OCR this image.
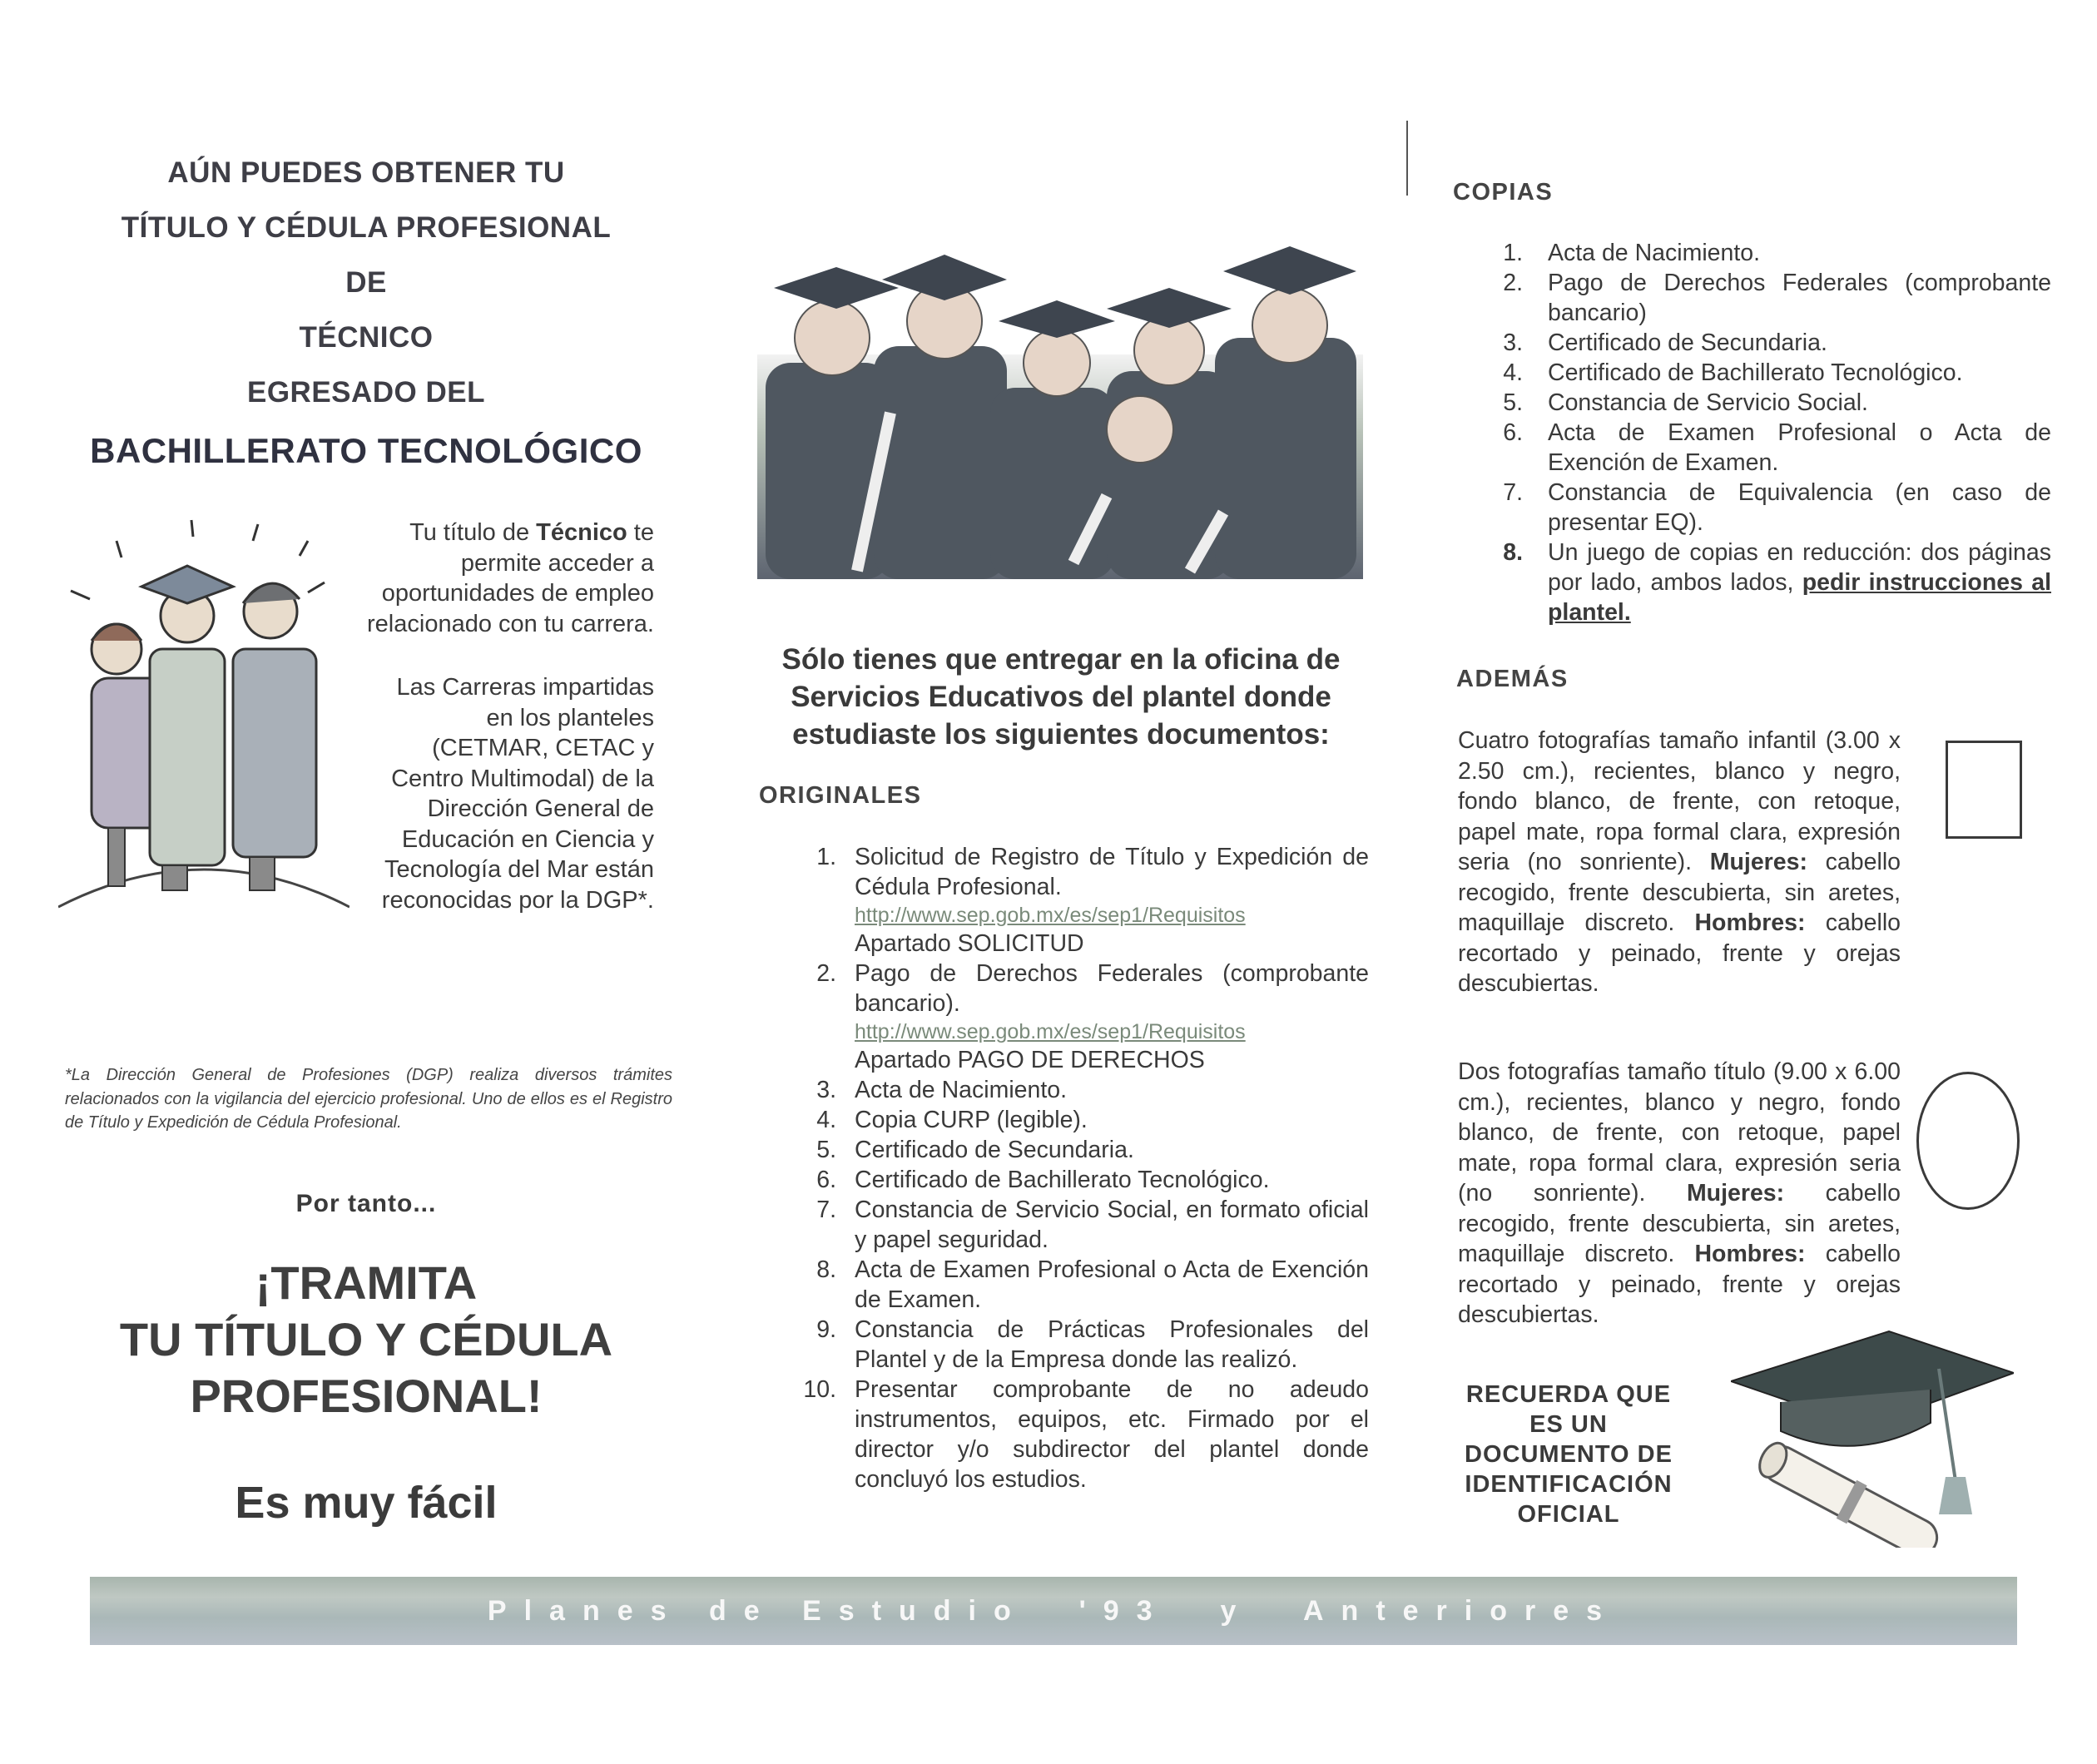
AÚN PUEDES OBTENER TU
TÍTULO Y CÉDULA PROFESIONAL
DE
TÉCNICO
EGRESADO DEL
BACHILLERATO TECNOLÓGICO

Tu título de Técnico te permite acceder a oportunidades de empleo relacionado con tu carrera.

Las Carreras impartidas en los planteles (CETMAR, CETAC y Centro Multimodal) de la Dirección General de Educación en Ciencia y Tecnología del Mar están reconocidas por la DGP*.

*La Dirección General de Profesiones (DGP) realiza diversos trámites relacionados con la vigilancia del ejercicio profesional. Uno de ellos es el Registro de Título y Expedición de Cédula Profesional.
Por tanto...
¡TRAMITA
TU TÍTULO Y CÉDULA
PROFESIONAL!
Es muy fácil
Sólo tienes que entregar en la oficina de Servicios Educativos del plantel donde estudiaste los siguientes documentos:
ORIGINALES
1. Solicitud de Registro de Título y Expedición de Cédula Profesional.
http://www.sep.gob.mx/es/sep1/Requisitos
Apartado SOLICITUD
2. Pago de Derechos Federales (comprobante bancario).
http://www.sep.gob.mx/es/sep1/Requisitos
Apartado PAGO DE DERECHOS
3. Acta de Nacimiento.
4. Copia CURP (legible).
5. Certificado de Secundaria.
6. Certificado de Bachillerato Tecnológico.
7. Constancia de Servicio Social, en formato oficial y papel seguridad.
8. Acta de Examen Profesional o Acta de Exención de Examen.
9. Constancia de Prácticas Profesionales del Plantel y de la Empresa donde las realizó.
10. Presentar comprobante de no adeudo instrumentos, equipos, etc. Firmado por el director y/o subdirector del plantel donde concluyó los estudios.
COPIAS
1. Acta de Nacimiento.
2. Pago de Derechos Federales (comprobante bancario)
3. Certificado de Secundaria.
4. Certificado de Bachillerato Tecnológico.
5. Constancia de Servicio Social.
6. Acta de Examen Profesional o Acta de Exención de Examen.
7. Constancia de Equivalencia (en caso de presentar EQ).
8. Un juego de copias en reducción: dos páginas por lado, ambos lados, pedir instrucciones al plantel.
ADEMÁS
Cuatro fotografías tamaño infantil (3.00 x 2.50 cm.), recientes, blanco y negro, fondo blanco, de frente, con retoque, papel mate, ropa formal clara, expresión seria (no sonriente). Mujeres: cabello recogido, frente descubierta, sin aretes, maquillaje discreto. Hombres: cabello recortado y peinado, frente y orejas descubiertas.
Dos fotografías tamaño título (9.00 x 6.00 cm.), recientes, blanco y negro, fondo blanco, de frente, con retoque, papel mate, ropa formal clara, expresión seria (no sonriente). Mujeres: cabello recogido, frente descubierta, sin aretes, maquillaje discreto. Hombres: cabello recortado y peinado, frente y orejas descubiertas.
RECUERDA QUE ES UN DOCUMENTO DE IDENTIFICACIÓN OFICIAL
Planes de Estudio  '93  y  Anteriores
